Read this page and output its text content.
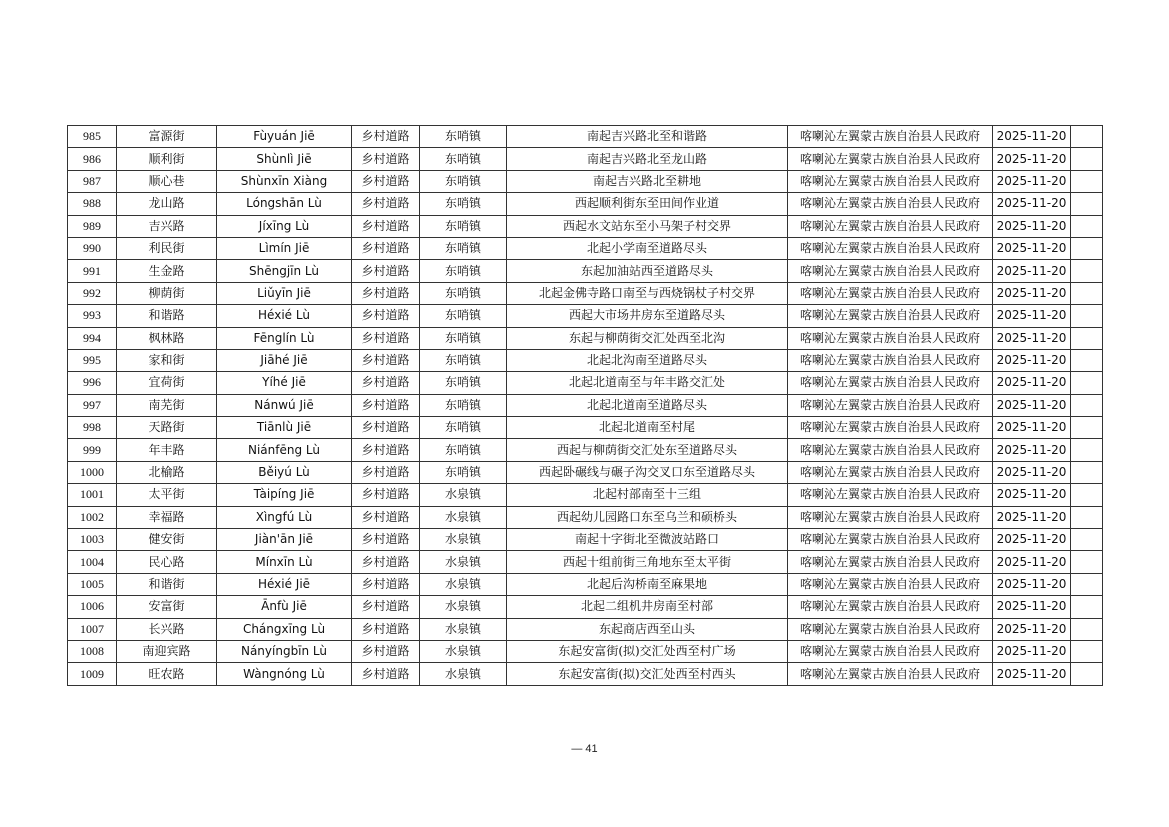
985	富源街	Fùyuán Jiē	乡村道路	东哨镇	南起吉兴路北至和谐路	喀喇沁左翼蒙古族自治县人民政府	2025-11-20	
986	顺利街	Shùnlì Jiē	乡村道路	东哨镇	南起吉兴路北至龙山路	喀喇沁左翼蒙古族自治县人民政府	2025-11-20	
987	顺心巷	Shùnxīn Xiàng	乡村道路	东哨镇	南起吉兴路北至耕地	喀喇沁左翼蒙古族自治县人民政府	2025-11-20	
988	龙山路	Lóngshān Lù	乡村道路	东哨镇	西起顺利街东至田间作业道	喀喇沁左翼蒙古族自治县人民政府	2025-11-20	
989	吉兴路	Jíxīng Lù	乡村道路	东哨镇	西起水文站东至小马架子村交界	喀喇沁左翼蒙古族自治县人民政府	2025-11-20	
990	利民街	Lìmín Jiē	乡村道路	东哨镇	北起小学南至道路尽头	喀喇沁左翼蒙古族自治县人民政府	2025-11-20	
991	生金路	Shēngjīn Lù	乡村道路	东哨镇	东起加油站西至道路尽头	喀喇沁左翼蒙古族自治县人民政府	2025-11-20	
992	柳荫街	Liǔyīn Jiē	乡村道路	东哨镇	北起金佛寺路口南至与西烧锅杖子村交界	喀喇沁左翼蒙古族自治县人民政府	2025-11-20	
993	和谐路	Héxié Lù	乡村道路	东哨镇	西起大市场井房东至道路尽头	喀喇沁左翼蒙古族自治县人民政府	2025-11-20	
994	枫林路	Fēnglín Lù	乡村道路	东哨镇	东起与柳荫街交汇处西至北沟	喀喇沁左翼蒙古族自治县人民政府	2025-11-20	
995	家和街	Jiāhé Jiē	乡村道路	东哨镇	北起北沟南至道路尽头	喀喇沁左翼蒙古族自治县人民政府	2025-11-20	
996	宜荷街	Yíhé Jiē	乡村道路	东哨镇	北起北道南至与年丰路交汇处	喀喇沁左翼蒙古族自治县人民政府	2025-11-20	
997	南芜街	Nánwú Jiē	乡村道路	东哨镇	北起北道南至道路尽头	喀喇沁左翼蒙古族自治县人民政府	2025-11-20	
998	天路街	Tiānlù Jiē	乡村道路	东哨镇	北起北道南至村尾	喀喇沁左翼蒙古族自治县人民政府	2025-11-20	
999	年丰路	Niánfēng Lù	乡村道路	东哨镇	西起与柳荫街交汇处东至道路尽头	喀喇沁左翼蒙古族自治县人民政府	2025-11-20	
1000	北榆路	Běiyú Lù	乡村道路	东哨镇	西起卧碾线与碾子沟交叉口东至道路尽头	喀喇沁左翼蒙古族自治县人民政府	2025-11-20	
1001	太平街	Tàipíng Jiē	乡村道路	水泉镇	北起村部南至十三组	喀喇沁左翼蒙古族自治县人民政府	2025-11-20	
1002	幸福路	Xìngfú Lù	乡村道路	水泉镇	西起幼儿园路口东至乌兰和硕桥头	喀喇沁左翼蒙古族自治县人民政府	2025-11-20	
1003	健安街	Jiàn'ān Jiē	乡村道路	水泉镇	南起十字街北至微波站路口	喀喇沁左翼蒙古族自治县人民政府	2025-11-20	
1004	民心路	Mínxīn Lù	乡村道路	水泉镇	西起十组前街三角地东至太平街	喀喇沁左翼蒙古族自治县人民政府	2025-11-20	
1005	和谐街	Héxié Jiē	乡村道路	水泉镇	北起后沟桥南至麻果地	喀喇沁左翼蒙古族自治县人民政府	2025-11-20	
1006	安富街	Ānfù Jiē	乡村道路	水泉镇	北起二组机井房南至村部	喀喇沁左翼蒙古族自治县人民政府	2025-11-20	
1007	长兴路	Chángxīng Lù	乡村道路	水泉镇	东起商店西至山头	喀喇沁左翼蒙古族自治县人民政府	2025-11-20	
1008	南迎宾路	Nányíngbīn Lù	乡村道路	水泉镇	东起安富街(拟)交汇处西至村广场	喀喇沁左翼蒙古族自治县人民政府	2025-11-20	
1009	旺农路	Wàngnóng Lù	乡村道路	水泉镇	东起安富街(拟)交汇处西至村西头	喀喇沁左翼蒙古族自治县人民政府	2025-11-20	
— 41
